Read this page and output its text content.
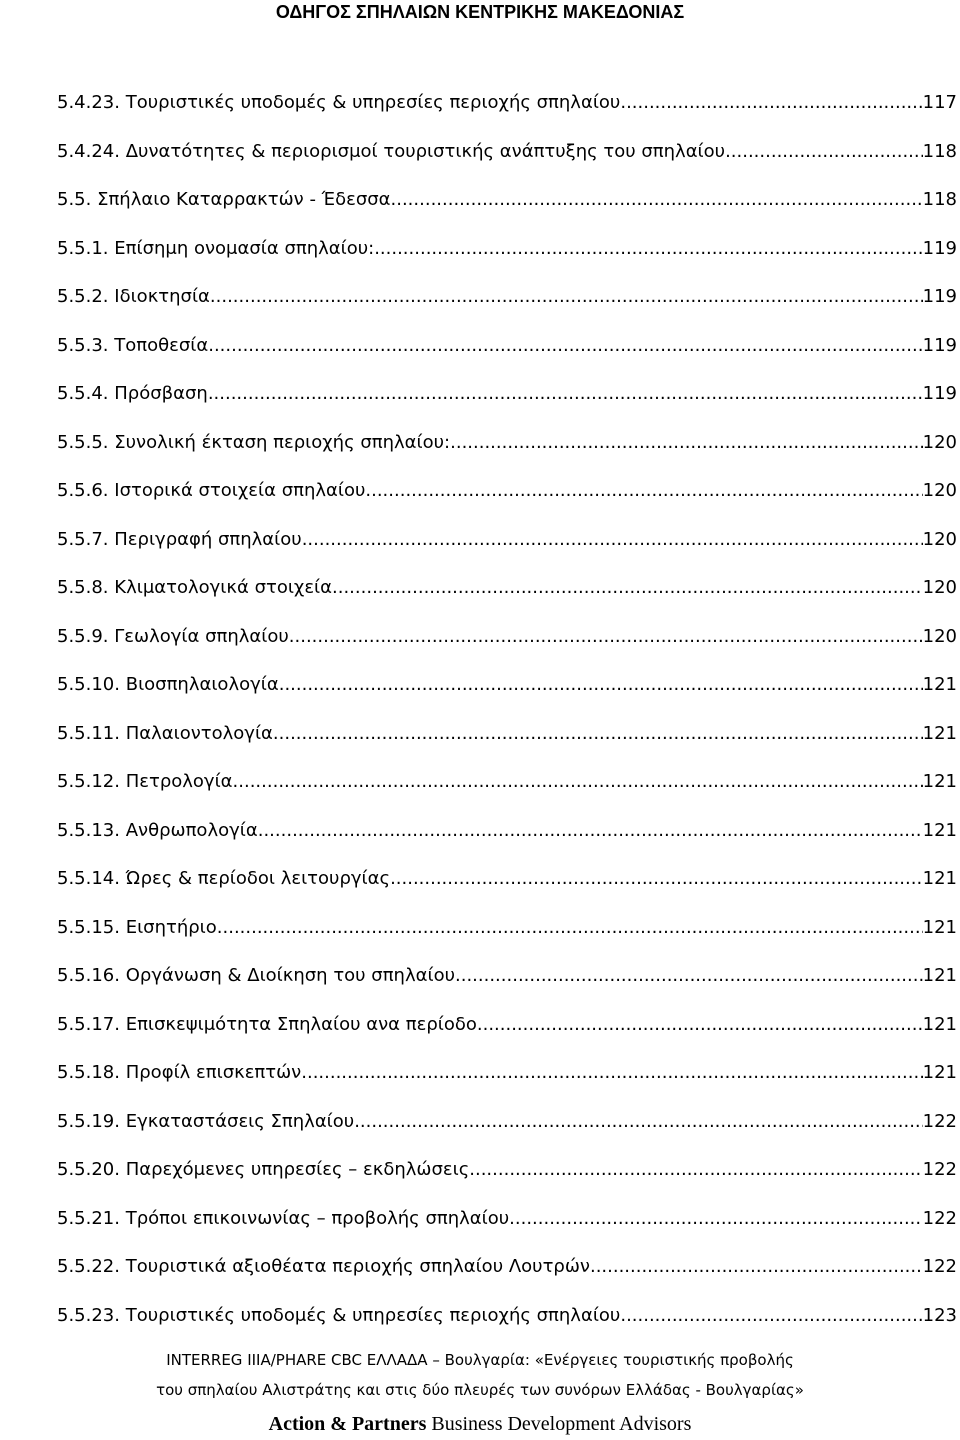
ΟΔΗΓΟΣ ΣΠΗΛΑΙΩΝ ΚΕΝΤΡΙΚΗΣ ΜΑΚΕΔΟΝΙΑΣ
5.4.23. Τουριστικές υποδομές & υπηρεσίες περιοχής σπηλαίου .....	117
5.4.24. Δυνατότητες & περιορισμοί τουριστικής ανάπτυξης του σπηλαίου .....	118
5.5. Σπήλαιο Καταρρακτών - Έδεσσα .....	118
5.5.1. Επίσημη ονομασία σπηλαίου: .....	119
5.5.2. Ιδιοκτησία .....	119
5.5.3. Τοποθεσία .....	119
5.5.4. Πρόσβαση .....	119
5.5.5. Συνολική έκταση περιοχής σπηλαίου: .....	120
5.5.6. Ιστορικά στοιχεία σπηλαίου .....	120
5.5.7. Περιγραφή σπηλαίου .....	120
5.5.8. Κλιματολογικά στοιχεία .....	120
5.5.9. Γεωλογία σπηλαίου .....	120
5.5.10. Βιοσπηλαιολογία .....	121
5.5.11. Παλαιοντολογία .....	121
5.5.12. Πετρολογία .....	121
5.5.13. Ανθρωπολογία .....	121
5.5.14. Ώρες & περίοδοι λειτουργίας .....	121
5.5.15. Εισητήριο .....	121
5.5.16. Οργάνωση & Διοίκηση του σπηλαίου .....	121
5.5.17. Επισκεψιμότητα Σπηλαίου ανα περίοδο .....	121
5.5.18. Προφίλ επισκεπτών .....	121
5.5.19. Εγκαταστάσεις Σπηλαίου .....	122
5.5.20. Παρεχόμενες υπηρεσίες – εκδηλώσεις .....	122
5.5.21. Τρόποι επικοινωνίας – προβολής σπηλαίου .....	122
5.5.22. Τουριστικά αξιοθέατα περιοχής σπηλαίου Λουτρών .....	122
5.5.23. Τουριστικές υποδομές & υπηρεσίες περιοχής σπηλαίου .....	123
INTERREG IIIA/PHARE CBC ΕΛΛΑΔΑ – Βουλγαρία: «Ενέργειες τουριστικής προβολής
του σπηλαίου Αλιστράτης και στις δύο πλευρές των συνόρων Ελλάδας - Βουλγαρίας»
Action & Partners Business Development Advisors
